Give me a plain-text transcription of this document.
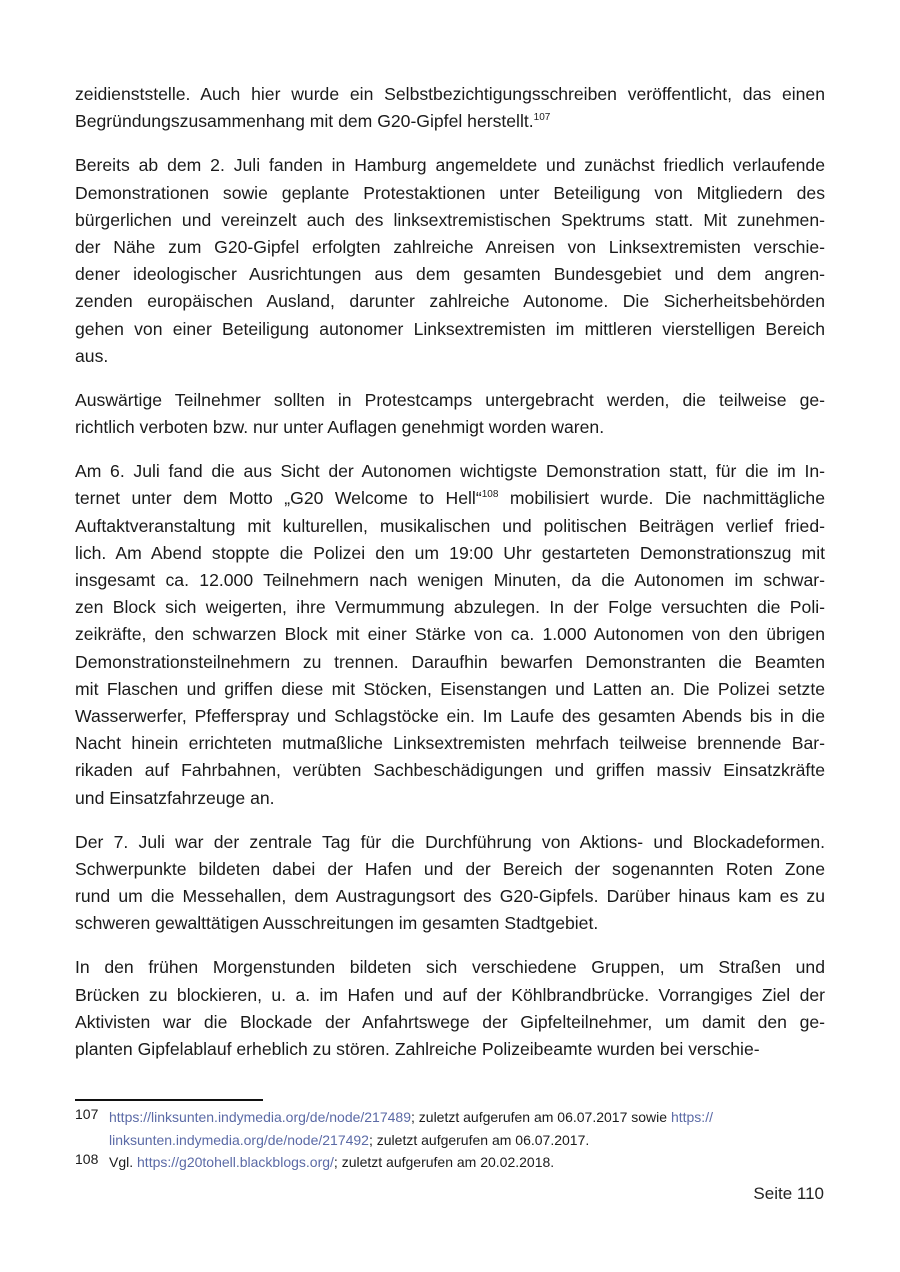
zeidienststelle. Auch hier wurde ein Selbstbezichtigungsschreiben veröffentlicht, das einen
Begründungszusammenhang mit dem G20-Gipfel herstellt.$^{107}$
Bereits ab dem 2. Juli fanden in Hamburg angemeldete und zunächst friedlich verlaufende
Demonstrationen sowie geplante Protestaktionen unter Beteiligung von Mitgliedern des
bürgerlichen und vereinzelt auch des linksextremistischen Spektrums statt. Mit zunehmen-
der Nähe zum G20-Gipfel erfolgten zahlreiche Anreisen von Linksextremisten verschie-
dener ideologischer Ausrichtungen aus dem gesamten Bundesgebiet und dem angren-
zenden europäischen Ausland, darunter zahlreiche Autonome. Die Sicherheitsbehörden
gehen von einer Beteiligung autonomer Linksextremisten im mittleren vierstelligen Bereich
aus.
Auswärtige Teilnehmer sollten in Protestcamps untergebracht werden, die teilweise ge-
richtlich verboten bzw. nur unter Auflagen genehmigt worden waren.
Am 6. Juli fand die aus Sicht der Autonomen wichtigste Demonstration statt, für die im In-
ternet unter dem Motto „G20 Welcome to Hell“$^{108}$ mobilisiert wurde. Die nachmittägliche
Auftaktveranstaltung mit kulturellen, musikalischen und politischen Beiträgen verlief fried-
lich. Am Abend stoppte die Polizei den um 19:00 Uhr gestarteten Demonstrationszug mit
insgesamt ca. 12.000 Teilnehmern nach wenigen Minuten, da die Autonomen im schwar-
zen Block sich weigerten, ihre Vermummung abzulegen. In der Folge versuchten die Poli-
zeikräfte, den schwarzen Block mit einer Stärke von ca. 1.000 Autonomen von den übrigen
Demonstrationsteilnehmern zu trennen. Daraufhin bewarfen Demonstranten die Beamten
mit Flaschen und griffen diese mit Stöcken, Eisenstangen und Latten an. Die Polizei setzte
Wasserwerfer, Pfefferspray und Schlagstöcke ein. Im Laufe des gesamten Abends bis in die
Nacht hinein errichteten mutmaßliche Linksextremisten mehrfach teilweise brennende Bar-
rikaden auf Fahrbahnen, verübten Sachbeschädigungen und griffen massiv Einsatzkräfte
und Einsatzfahrzeuge an.
Der 7. Juli war der zentrale Tag für die Durchführung von Aktions- und Blockadeformen.
Schwerpunkte bildeten dabei der Hafen und der Bereich der sogenannten Roten Zone
rund um die Messehallen, dem Austragungsort des G20-Gipfels. Darüber hinaus kam es zu
schweren gewalttätigen Ausschreitungen im gesamten Stadtgebiet.
In den frühen Morgenstunden bildeten sich verschiedene Gruppen, um Straßen und
Brücken zu blockieren, u. a. im Hafen und auf der Köhlbrandbrücke. Vorrangiges Ziel der
Aktivisten war die Blockade der Anfahrtswege der Gipfelteilnehmer, um damit den ge-
planten Gipfelablauf erheblich zu stören. Zahlreiche Polizeibeamte wurden bei verschie-
107 https://linksunten.indymedia.org/de/node/217489; zuletzt aufgerufen am 06.07.2017 sowie https://
linksunten.indymedia.org/de/node/217492; zuletzt aufgerufen am 06.07.2017.
108 Vgl. https://g20tohell.blackblogs.org/; zuletzt aufgerufen am 20.02.2018.
Seite 110
